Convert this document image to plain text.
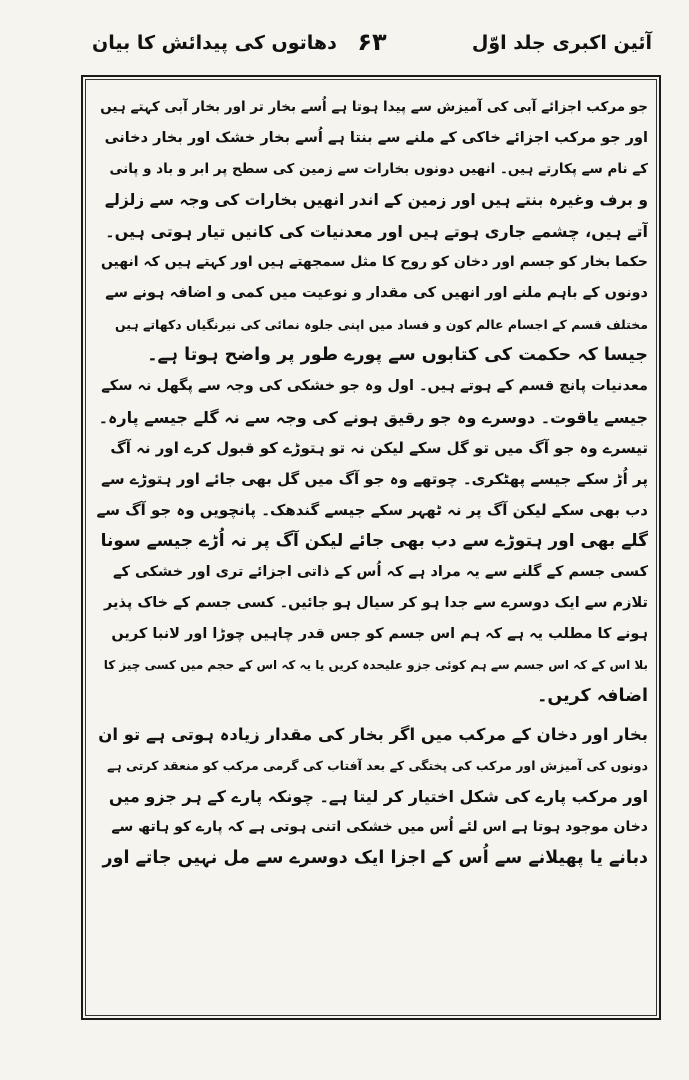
آئین اکبری جلد اوّل
۶۳
دھاتوں کی پیدائش کا بیان
جو مرکب اجزائے آبی کی آمیزش سے پیدا ہوتا ہے اُسے بخار تر اور بخار آبی کہتے ہیں
اور جو مرکب اجزائے خاکی کے ملنے سے بنتا ہے اُسے بخار خشک اور بخار دخانی
کے نام سے پکارتے ہیں۔ انھیں دونوں بخارات سے زمین کی سطح پر ابر و باد و پانی
و برف وغیرہ بنتے ہیں اور زمین کے اندر انھیں بخارات کی وجہ سے زلزلے
آتے ہیں، چشمے جاری ہوتے ہیں اور معدنیات کی کانیں تیار ہوتی ہیں۔
حکما بخار کو جسم اور دخان کو روح کا مثل سمجھتے ہیں اور کہتے ہیں کہ انھیں
دونوں کے باہم ملنے اور انھیں کی مقدار و نوعیت میں کمی و اضافہ ہونے سے
مختلف قسم کے اجسام عالم کون و فساد میں اپنی جلوہ نمائی کی نیرنگیاں دکھاتے ہیں
جیسا کہ حکمت کی کتابوں سے پورے طور پر واضح ہوتا ہے۔
معدنیات پانچ قسم کے ہوتے ہیں۔ اول وہ جو خشکی کی وجہ سے پگھل نہ سکے
جیسے یاقوت۔ دوسرے وہ جو رقیق ہونے کی وجہ سے نہ گلے جیسے پارہ۔
تیسرے وہ جو آگ میں تو گل سکے لیکن نہ تو ہتوڑے کو قبول کرے اور نہ آگ
پر اُڑ سکے جیسے پھٹکری۔ چوتھے وہ جو آگ میں گل بھی جائے اور ہتوڑے سے
دب بھی سکے لیکن آگ پر نہ ٹھہر سکے جیسے گندھک۔ پانچویں وہ جو آگ سے
گلے بھی اور ہتوڑے سے دب بھی جائے لیکن آگ پر نہ اُڑے جیسے سونا
کسی جسم کے گلنے سے یہ مراد ہے کہ اُس کے ذاتی اجزائے تری اور خشکی کے
تلازم سے ایک دوسرے سے جدا ہو کر سیال ہو جائیں۔ کسی جسم کے خاک پذیر
ہونے کا مطلب یہ ہے کہ ہم اس جسم کو جس قدر چاہیں چوڑا اور لانبا کریں
بلا اس کے کہ اس جسم سے ہم کوئی جزو علیحدہ کریں یا یہ کہ اس کے حجم میں کسی چیز کا
اضافہ کریں۔
بخار اور دخان کے مرکب میں اگر بخار کی مقدار زیادہ ہوتی ہے تو ان
دونوں کی آمیزش اور مرکب کی پختگی کے بعد آفتاب کی گرمی مرکب کو منعقد کرتی ہے
اور مرکب پارے کی شکل اختیار کر لیتا ہے۔ چونکہ پارے کے ہر جزو میں
دخان موجود ہوتا ہے اس لئے اُس میں خشکی اتنی ہوتی ہے کہ پارے کو ہاتھ سے
دبانے یا پھیلانے سے اُس کے اجزا ایک دوسرے سے مل نہیں جاتے اور
